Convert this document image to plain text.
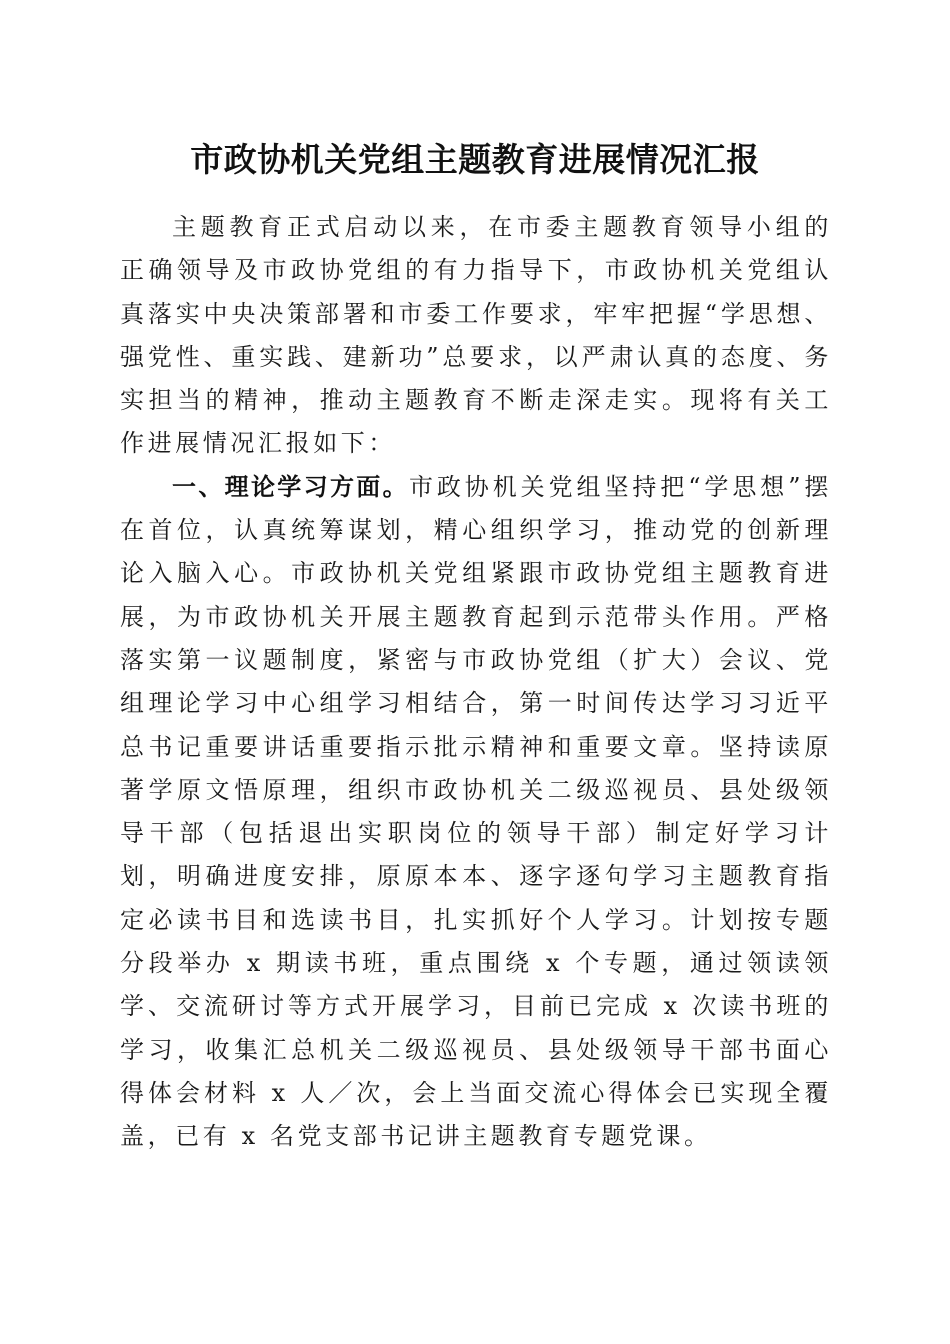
市政协机关党组主题教育进展情况汇报

主题教育正式启动以来，在市委主题教育领导小组的正确领导及市政协党组的有力指导下，市政协机关党组认真落实中央决策部署和市委工作要求，牢牢把握“学思想、强党性、重实践、建新功”总要求，以严肃认真的态度、务实担当的精神，推动主题教育不断走深走实。现将有关工作进展情况汇报如下：

一、理论学习方面。市政协机关党组坚持把“学思想”摆在首位，认真统筹谋划，精心组织学习，推动党的创新理论入脑入心。市政协机关党组紧跟市政协党组主题教育进展，为市政协机关开展主题教育起到示范带头作用。严格落实第一议题制度，紧密与市政协党组（扩大）会议、党组理论学习中心组学习相结合，第一时间传达学习习近平总书记重要讲话重要指示批示精神和重要文章。坚持读原著学原文悟原理，组织市政协机关二级巡视员、县处级领导干部（包括退出实职岗位的领导干部）制定好学习计划，明确进度安排，原原本本、逐字逐句学习主题教育指定必读书目和选读书目，扎实抓好个人学习。计划按专题分段举办 x 期读书班，重点围绕 x 个专题，通过领读领学、交流研讨等方式开展学习，目前已完成 x 次读书班的学习，收集汇总机关二级巡视员、县处级领导干部书面心得体会材料 x 人／次，会上当面交流心得体会已实现全覆盖，已有 x 名党支部书记讲主题教育专题党课。
